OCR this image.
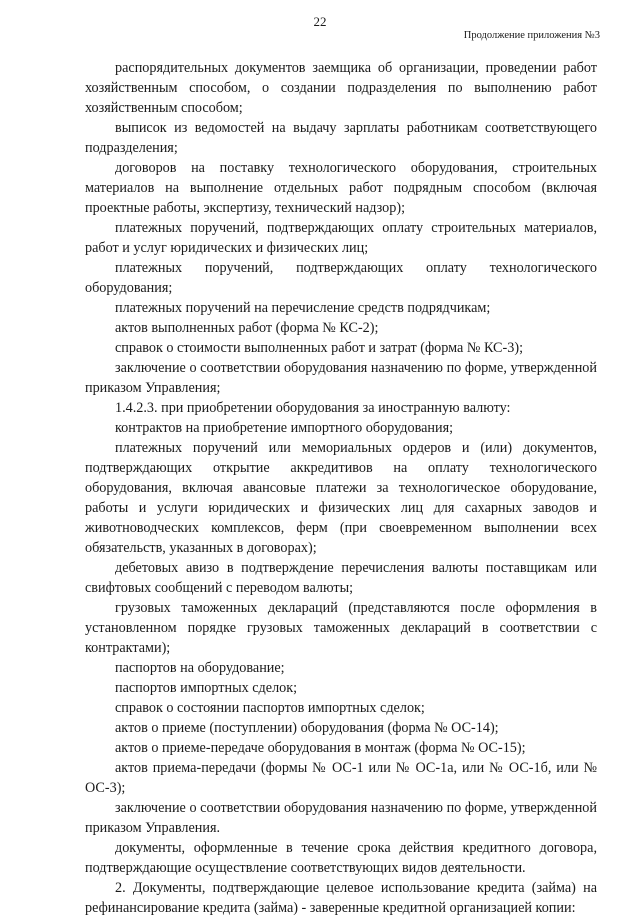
22
Продолжение приложения №3

распорядительных документов заемщика об организации, проведении работ хозяйственным способом, о создании подразделения по выполнению работ хозяйственным способом;

выписок из ведомостей на выдачу зарплаты работникам соответствующего подразделения;

договоров на поставку технологического оборудования, строительных материалов на выполнение отдельных работ подрядным способом (включая проектные работы, экспертизу, технический надзор);

платежных поручений, подтверждающих оплату строительных материалов, работ и услуг юридических и физических лиц;

платежных поручений, подтверждающих оплату технологического оборудования;

платежных поручений на перечисление средств подрядчикам;

актов выполненных работ (форма № КС-2);

справок о стоимости выполненных работ и затрат (форма № КС-3);

заключение о соответствии оборудования назначению по форме, утвержденной приказом Управления;

1.4.2.3. при приобретении оборудования за иностранную валюту:

контрактов на приобретение импортного оборудования;

платежных поручений или мемориальных ордеров и (или) документов, подтверждающих открытие аккредитивов на оплату технологического оборудования, включая авансовые платежи за технологическое оборудование, работы и услуги юридических и физических лиц для сахарных заводов и животноводческих комплексов, ферм (при своевременном выполнении всех обязательств, указанных в договорах);

дебетовых авизо в подтверждение перечисления валюты поставщикам или свифтовых сообщений с переводом валюты;

грузовых таможенных деклараций (представляются после оформления в установленном порядке грузовых таможенных деклараций в соответствии с контрактами);

паспортов на оборудование;

паспортов импортных сделок;

справок о состоянии паспортов импортных сделок;

актов о приеме (поступлении) оборудования (форма № ОС-14);

актов о приеме-передаче оборудования в монтаж (форма № ОС-15);

актов приема-передачи (формы № ОС-1 или № ОС-1а, или № ОС-1б, или № ОС-3);

заключение о соответствии оборудования назначению по форме, утвержденной приказом Управления.

документы, оформленные в течение срока действия кредитного договора, подтверждающие осуществление соответствующих видов деятельности.

2. Документы, подтверждающие целевое использование кредита (займа) на рефинансирование кредита (займа) - заверенные кредитной организацией копии:
